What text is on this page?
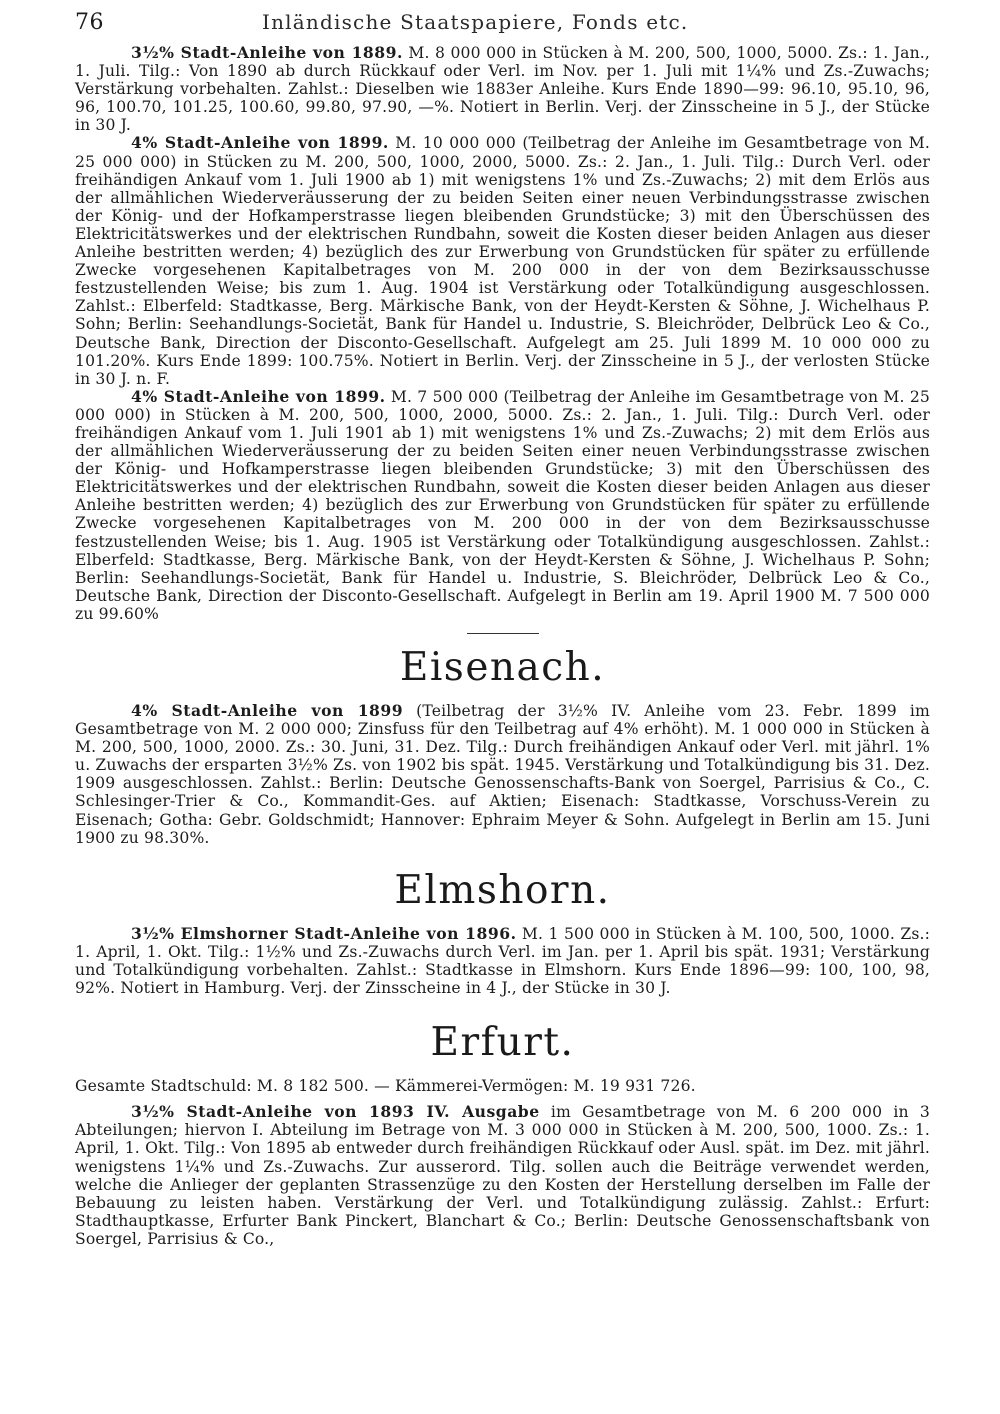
76	Inländische Staatspapiere, Fonds etc.

3½% Stadt-Anleihe von 1889. M. 8 000 000 in Stücken à M. 200, 500, 1000, 5000. Zs.: 1. Jan., 1. Juli. Tilg.: Von 1890 ab durch Rückkauf oder Verl. im Nov. per 1. Juli mit 1¼% und Zs.-Zuwachs; Verstärkung vorbehalten. Zahlst.: Dieselben wie 1883er Anleihe. Kurs Ende 1890—99: 96.10, 95.10, 96, 96, 100.70, 101.25, 100.60, 99.80, 97.90, —%. Notiert in Berlin. Verj. der Zinsscheine in 5 J., der Stücke in 30 J.

4% Stadt-Anleihe von 1899. M. 10 000 000 (Teilbetrag der Anleihe im Gesamtbetrage von M. 25 000 000) in Stücken zu M. 200, 500, 1000, 2000, 5000. Zs.: 2. Jan., 1. Juli. Tilg.: Durch Verl. oder freihändigen Ankauf vom 1. Juli 1900 ab 1) mit wenigstens 1% und Zs.-Zuwachs; 2) mit dem Erlös aus der allmählichen Wiederveräusserung der zu beiden Seiten einer neuen Verbindungsstrasse zwischen der König- und der Hofkamperstrasse liegen bleibenden Grundstücke; 3) mit den Überschüssen des Elektricitätswerkes und der elektrischen Rundbahn, soweit die Kosten dieser beiden Anlagen aus dieser Anleihe bestritten werden; 4) bezüglich des zur Erwerbung von Grundstücken für später zu erfüllende Zwecke vorgesehenen Kapitalbetrages von M. 200 000 in der von dem Bezirksausschusse festzustellenden Weise; bis zum 1. Aug. 1904 ist Verstärkung oder Totalkündigung ausgeschlossen. Zahlst.: Elberfeld: Stadtkasse, Berg. Märkische Bank, von der Heydt-Kersten & Söhne, J. Wichelhaus P. Sohn; Berlin: Seehandlungs-Societät, Bank für Handel u. Industrie, S. Bleichröder, Delbrück Leo & Co., Deutsche Bank, Direction der Disconto-Gesellschaft. Aufgelegt am 25. Juli 1899 M. 10 000 000 zu 101.20%. Kurs Ende 1899: 100.75%. Notiert in Berlin. Verj. der Zinsscheine in 5 J., der verlosten Stücke in 30 J. n. F.

4% Stadt-Anleihe von 1899. M. 7 500 000 (Teilbetrag der Anleihe im Gesamtbetrage von M. 25 000 000) in Stücken à M. 200, 500, 1000, 2000, 5000. Zs.: 2. Jan., 1. Juli. Tilg.: Durch Verl. oder freihändigen Ankauf vom 1. Juli 1901 ab 1) mit wenigstens 1% und Zs.-Zuwachs; 2) mit dem Erlös aus der allmählichen Wiederveräusserung der zu beiden Seiten einer neuen Verbindungsstrasse zwischen der König- und Hofkamperstrasse liegen bleibenden Grundstücke; 3) mit den Überschüssen des Elektricitätswerkes und der elektrischen Rundbahn, soweit die Kosten dieser beiden Anlagen aus dieser Anleihe bestritten werden; 4) bezüglich des zur Erwerbung von Grundstücken für später zu erfüllende Zwecke vorgesehenen Kapitalbetrages von M. 200 000 in der von dem Bezirksausschusse festzustellenden Weise; bis 1. Aug. 1905 ist Verstärkung oder Totalkündigung ausgeschlossen. Zahlst.: Elberfeld: Stadtkasse, Berg. Märkische Bank, von der Heydt-Kersten & Söhne, J. Wichelhaus P. Sohn; Berlin: Seehandlungs-Societät, Bank für Handel u. Industrie, S. Bleichröder, Delbrück Leo & Co., Deutsche Bank, Direction der Disconto-Gesellschaft. Aufgelegt in Berlin am 19. April 1900 M. 7 500 000 zu 99.60%

Eisenach.

4% Stadt-Anleihe von 1899 (Teilbetrag der 3½% IV. Anleihe vom 23. Febr. 1899 im Gesamtbetrage von M. 2 000 000; Zinsfuss für den Teilbetrag auf 4% erhöht). M. 1 000 000 in Stücken à M. 200, 500, 1000, 2000. Zs.: 30. Juni, 31. Dez. Tilg.: Durch freihändigen Ankauf oder Verl. mit jährl. 1% u. Zuwachs der ersparten 3½% Zs. von 1902 bis spät. 1945. Verstärkung und Totalkündigung bis 31. Dez. 1909 ausgeschlossen. Zahlst.: Berlin: Deutsche Genossenschafts-Bank von Soergel, Parrisius & Co., C. Schlesinger-Trier & Co., Kommandit-Ges. auf Aktien; Eisenach: Stadtkasse, Vorschuss-Verein zu Eisenach; Gotha: Gebr. Goldschmidt; Hannover: Ephraim Meyer & Sohn. Aufgelegt in Berlin am 15. Juni 1900 zu 98.30%.

Elmshorn.

3½% Elmshorner Stadt-Anleihe von 1896. M. 1 500 000 in Stücken à M. 100, 500, 1000. Zs.: 1. April, 1. Okt. Tilg.: 1½% und Zs.-Zuwachs durch Verl. im Jan. per 1. April bis spät. 1931; Verstärkung und Totalkündigung vorbehalten. Zahlst.: Stadtkasse in Elmshorn. Kurs Ende 1896—99: 100, 100, 98, 92%. Notiert in Hamburg. Verj. der Zinsscheine in 4 J., der Stücke in 30 J.

Erfurt.

Gesamte Stadtschuld: M. 8 182 500. — Kämmerei-Vermögen: M. 19 931 726.

3½% Stadt-Anleihe von 1893 IV. Ausgabe im Gesamtbetrage von M. 6 200 000 in 3 Abteilungen; hiervon I. Abteilung im Betrage von M. 3 000 000 in Stücken à M. 200, 500, 1000. Zs.: 1. April, 1. Okt. Tilg.: Von 1895 ab entweder durch freihändigen Rückkauf oder Ausl. spät. im Dez. mit jährl. wenigstens 1¼% und Zs.-Zuwachs. Zur ausserord. Tilg. sollen auch die Beiträge verwendet werden, welche die Anlieger der geplanten Strassenzüge zu den Kosten der Herstellung derselben im Falle der Bebauung zu leisten haben. Verstärkung der Verl. und Totalkündigung zulässig. Zahlst.: Erfurt: Stadthauptkasse, Erfurter Bank Pinckert, Blanchart & Co.; Berlin: Deutsche Genossenschaftsbank von Soergel, Parrisius & Co.,
